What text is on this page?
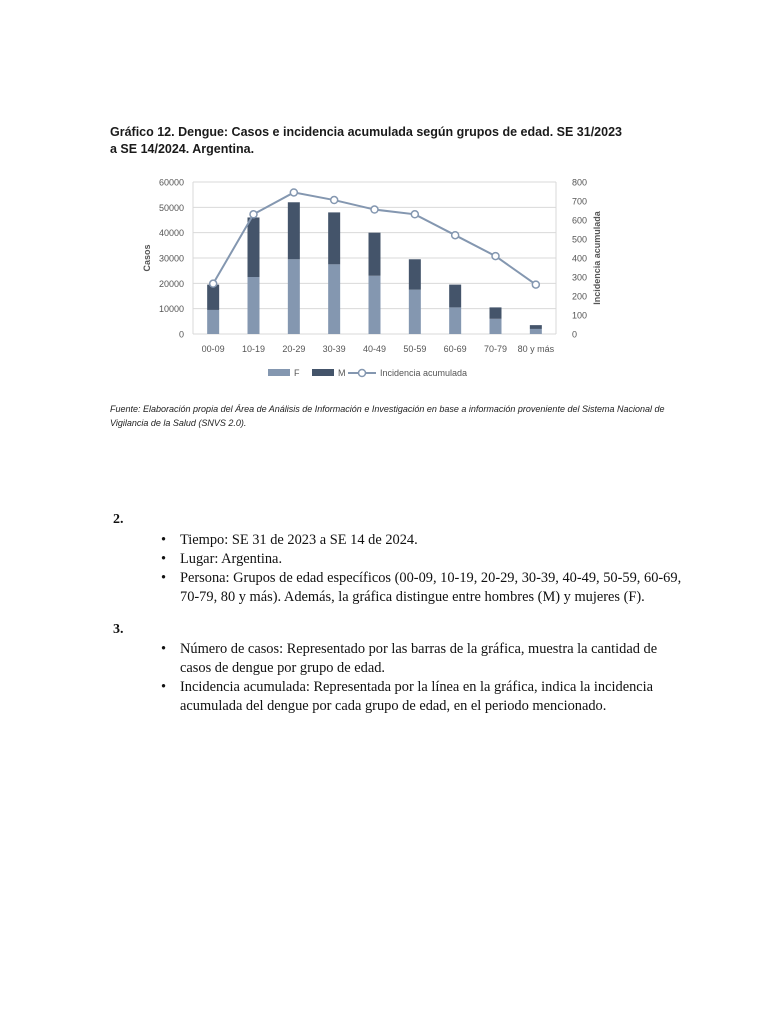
Gráfico 12. Dengue: Casos e incidencia acumulada según grupos de edad. SE 31/2023 a SE 14/2024. Argentina.
0
10000
20000
30000
40000
50000
60000
0
100
200
300
400
500
600
700
800
Casos	Incidencia acumulada
00-09 10-19 20-29 30-39 40-49 50-59 60-69 70-79 80 y más
F	M	Incidencia acumulada
Fuente: Elaboración propia del Área de Análisis de Información e Investigación en base a información proveniente del Sistema Nacional de Vigilancia de la Salud (SNVS 2.0).
2.
• Tiempo: SE 31 de 2023 a SE 14 de 2024.
• Lugar: Argentina.
• Persona: Grupos de edad específicos (00-09, 10-19, 20-29, 30-39, 40-49, 50-59, 60-69, 70-79, 80 y más). Además, la gráfica distingue entre hombres (M) y mujeres (F).
3.
• Número de casos: Representado por las barras de la gráfica, muestra la cantidad de casos de dengue por grupo de edad.
• Incidencia acumulada: Representada por la línea en la gráfica, indica la incidencia acumulada del dengue por cada grupo de edad, en el periodo mencionado.
